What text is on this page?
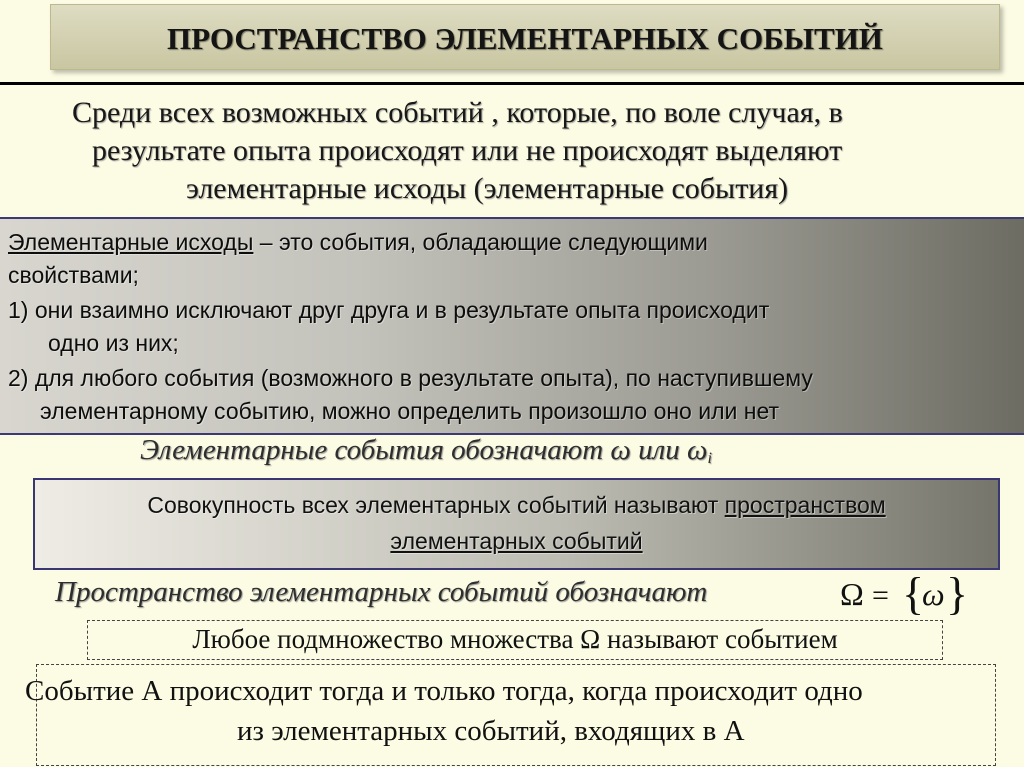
ПРОСТРАНСТВО ЭЛЕМЕНТАРНЫХ СОБЫТИЙ
Среди всех возможных событий , которые, по воле случая, в
результате опыта происходят или не происходят выделяют
элементарные исходы (элементарные события)
Элементарные исходы – это события, обладающие следующими
свойствами;
1) они взаимно исключают друг друга и в результате опыта происходит
одно из них;
2) для любого события (возможного в результате опыта), по наступившему
элементарному событию, можно определить произошло оно или нет
Элементарные события обозначают ω или $\omega_i$
Совокупность всех элементарных событий называют пространством
элементарных событий
Пространство элементарных событий обозначают	Ω = {
ω }
Любое подмножество множества Ω называют событием
Событие А происходит тогда и только тогда, когда происходит одно
из элементарных событий, входящих в А
